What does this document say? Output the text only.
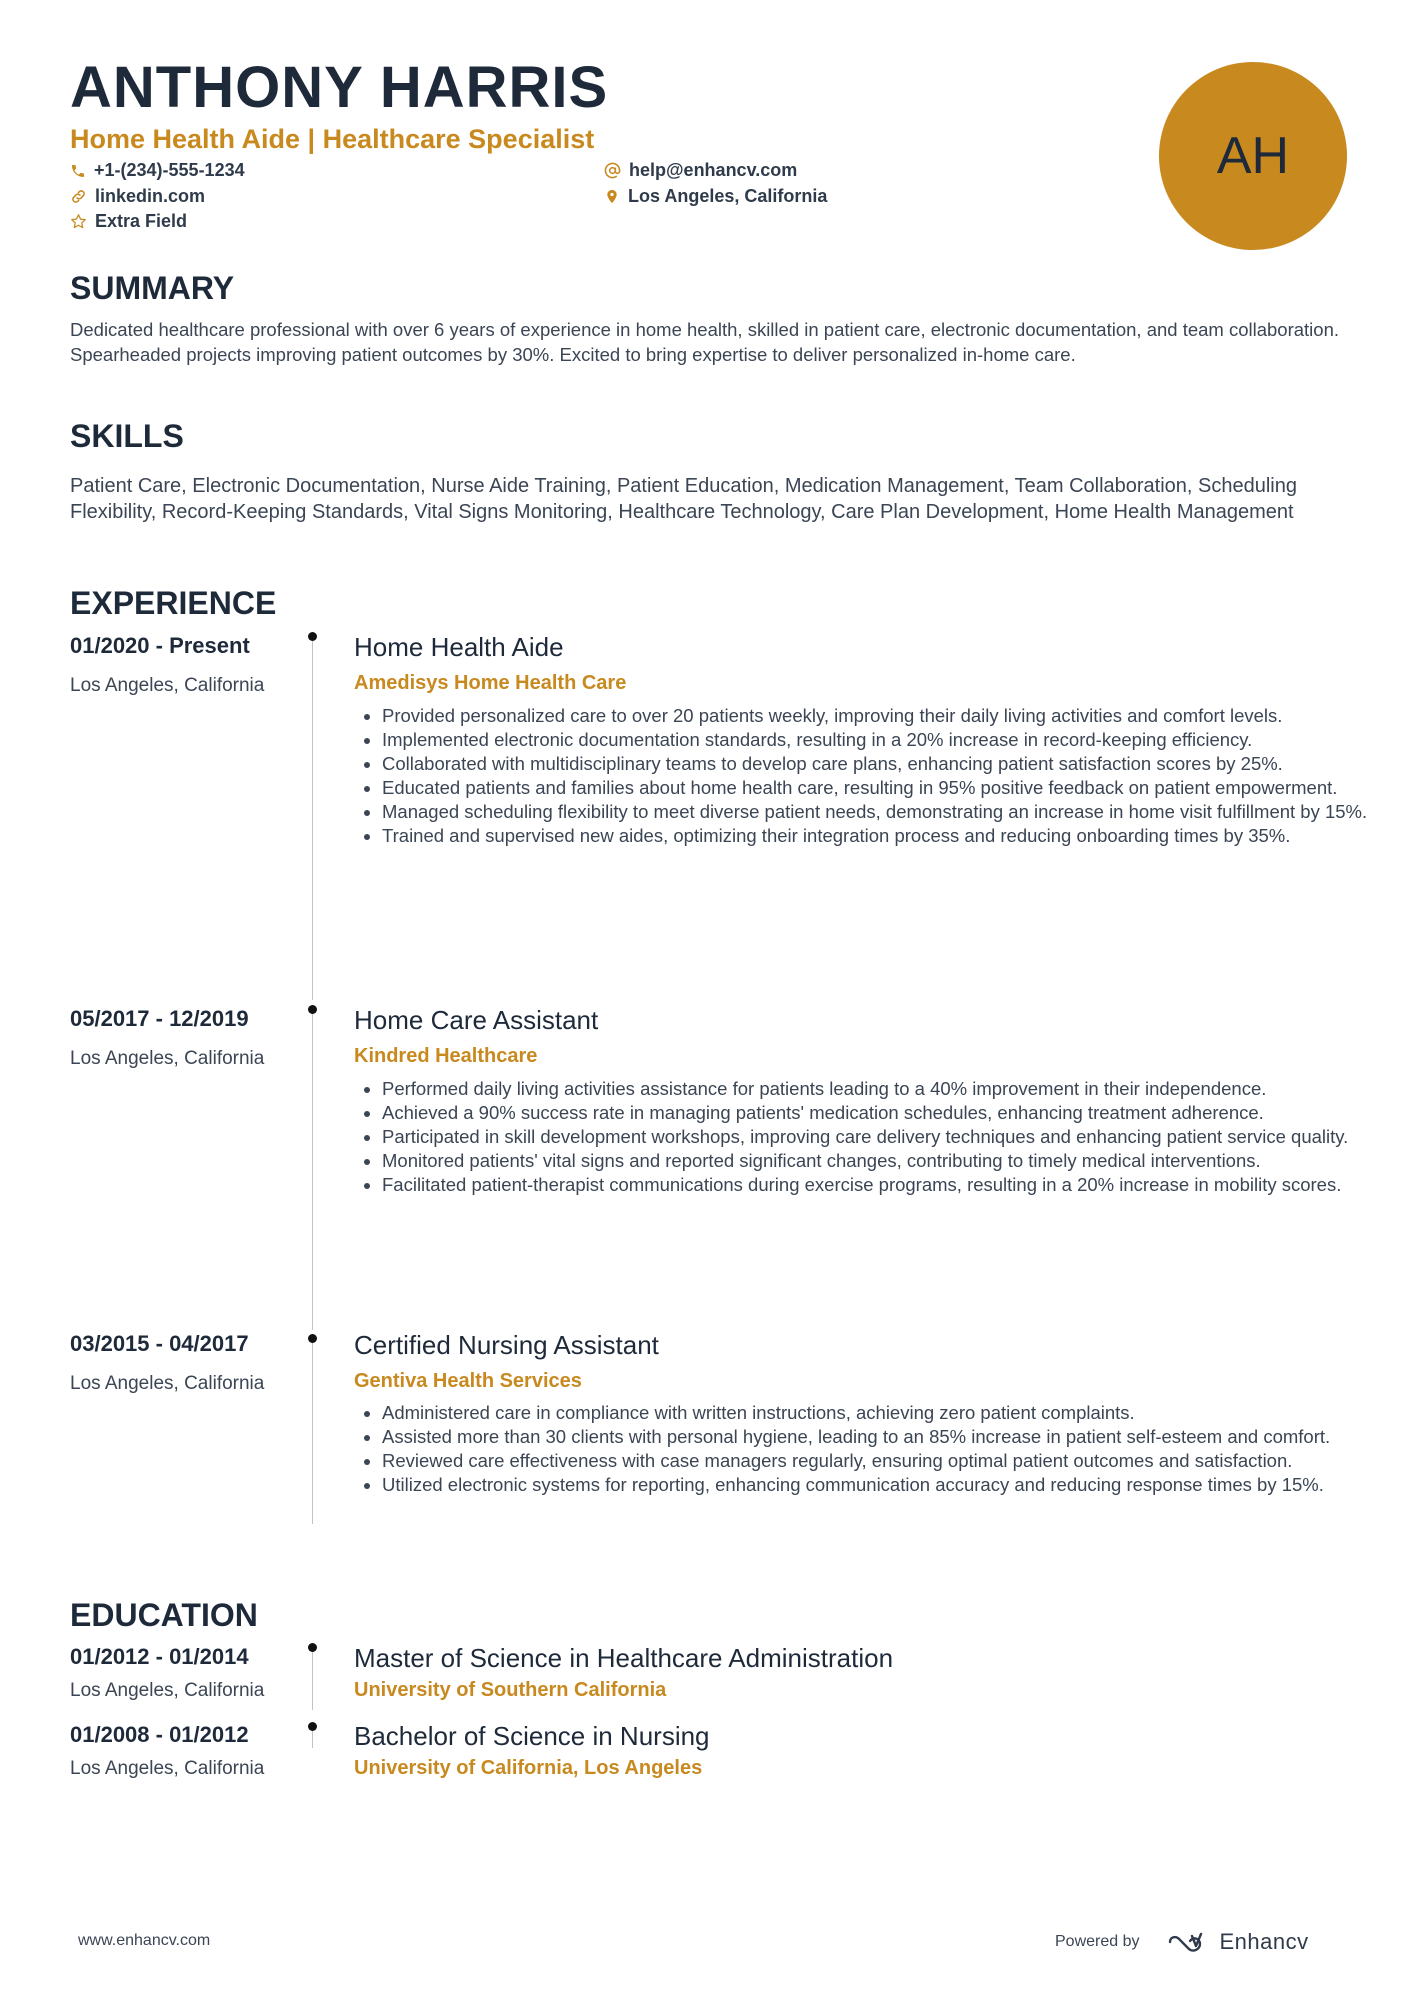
ANTHONY HARRIS
Home Health Aide | Healthcare Specialist
+1-(234)-555-1234	help@enhancv.com
linkedin.com	Los Angeles, California
Extra Field
AH
SUMMARY
Dedicated healthcare professional with over 6 years of experience in home health, skilled in patient care, electronic documentation, and team collaboration. Spearheaded projects improving patient outcomes by 30%. Excited to bring expertise to deliver personalized in-home care.
SKILLS
Patient Care, Electronic Documentation, Nurse Aide Training, Patient Education, Medication Management, Team Collaboration, Scheduling Flexibility, Record-Keeping Standards, Vital Signs Monitoring, Healthcare Technology, Care Plan Development, Home Health Management
EXPERIENCE
01/2020 - Present
Los Angeles, California
Home Health Aide
Amedisys Home Health Care
• Provided personalized care to over 20 patients weekly, improving their daily living activities and comfort levels.
• Implemented electronic documentation standards, resulting in a 20% increase in record-keeping efficiency.
• Collaborated with multidisciplinary teams to develop care plans, enhancing patient satisfaction scores by 25%.
• Educated patients and families about home health care, resulting in 95% positive feedback on patient empowerment.
• Managed scheduling flexibility to meet diverse patient needs, demonstrating an increase in home visit fulfillment by 15%.
• Trained and supervised new aides, optimizing their integration process and reducing onboarding times by 35%.
05/2017 - 12/2019
Los Angeles, California
Home Care Assistant
Kindred Healthcare
• Performed daily living activities assistance for patients leading to a 40% improvement in their independence.
• Achieved a 90% success rate in managing patients' medication schedules, enhancing treatment adherence.
• Participated in skill development workshops, improving care delivery techniques and enhancing patient service quality.
• Monitored patients' vital signs and reported significant changes, contributing to timely medical interventions.
• Facilitated patient-therapist communications during exercise programs, resulting in a 20% increase in mobility scores.
03/2015 - 04/2017
Los Angeles, California
Certified Nursing Assistant
Gentiva Health Services
• Administered care in compliance with written instructions, achieving zero patient complaints.
• Assisted more than 30 clients with personal hygiene, leading to an 85% increase in patient self-esteem and comfort.
• Reviewed care effectiveness with case managers regularly, ensuring optimal patient outcomes and satisfaction.
• Utilized electronic systems for reporting, enhancing communication accuracy and reducing response times by 15%.
EDUCATION
01/2012 - 01/2014
Los Angeles, California
Master of Science in Healthcare Administration
University of Southern California
01/2008 - 01/2012
Los Angeles, California
Bachelor of Science in Nursing
University of California, Los Angeles
www.enhancv.com	Powered by	Enhancv
